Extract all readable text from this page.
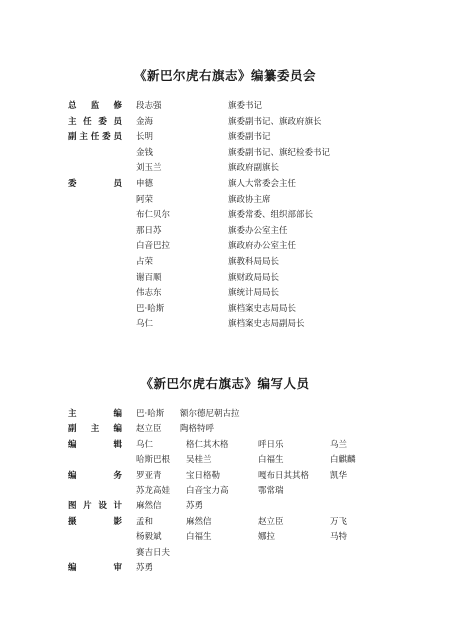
《新巴尔虎右旗志》编纂委员会
总 监 修 段志强	旗委书记
主 任 委 员 金海	旗委副书记、旗政府旗长
副 主 任 委 员 长明	旗委副书记
金钱	旗委副书记、旗纪检委书记
刘玉兰	旗政府副旗长
委	员 申德	旗人大常委会主任
阿荣	旗政协主席
布仁贝尔	旗委常委、组织部部长
那日苏	旗委办公室主任
白音巴拉	旗政府办公室主任
占荣	旗教科局局长
谢百顺	旗财政局局长
伟志东	旗统计局局长
巴·哈斯	旗档案史志局局长
乌仁	旗档案史志局副局长
《新巴尔虎右旗志》编写人员
主	编 巴·哈斯 额尔德尼朝古拉
副 主 编 赵立臣 陶格特呼
编	辑 乌仁	格仁其木格	呼日乐	乌兰
哈斯巴根 吴桂兰	白福生	白麒麟
编	务 罗亚青	宝日格勒	嘎布日其其格 凯华
苏龙高娃 白音宝力高	鄂常瑞
图 片 设 计 麻然信	苏勇
摄	影 孟和	麻然信	赵立臣	万飞
杨毅斌	白福生	娜拉	马特
赛吉日夫
编	审 苏勇
